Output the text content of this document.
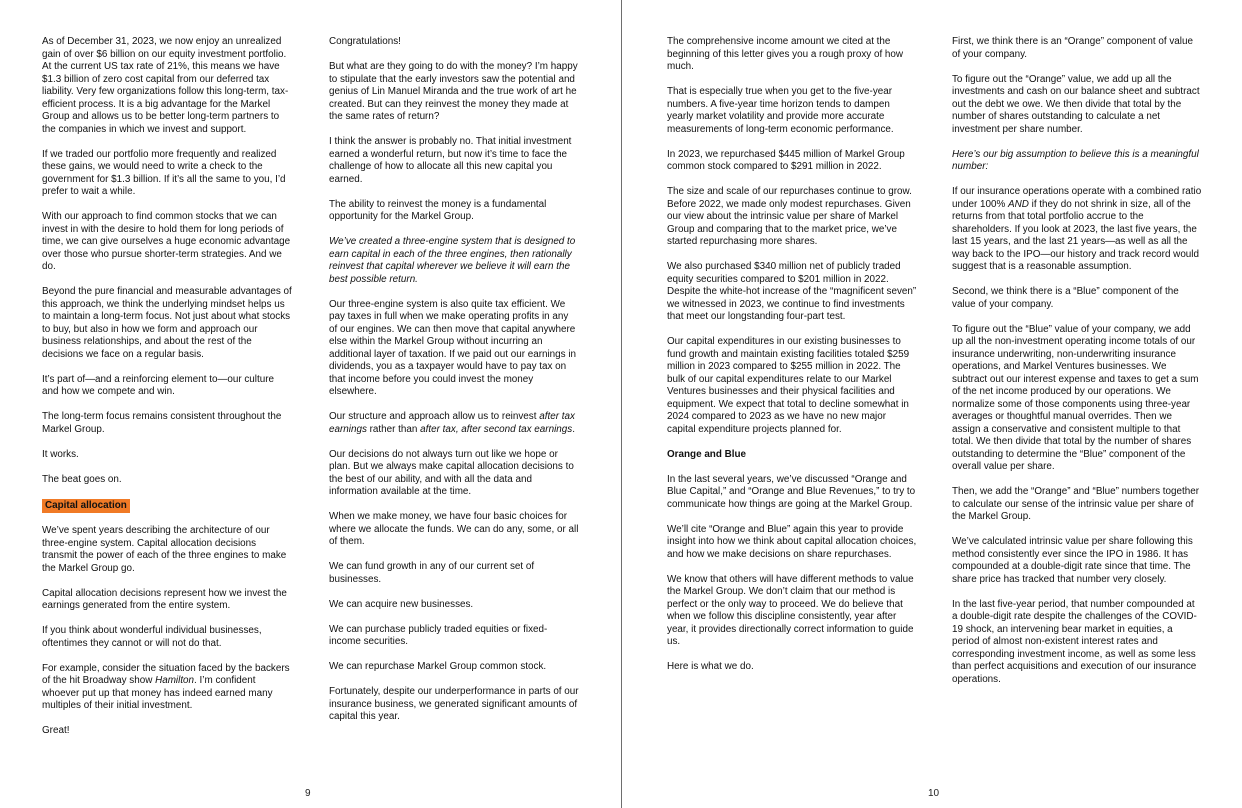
As of December 31, 2023, we now enjoy an unrealized gain of over $6 billion on our equity investment portfolio. At the current US tax rate of 21%, this means we have $1.3 billion of zero cost capital from our deferred tax liability. Very few organizations follow this long-term, tax-efficient process. It is a big advantage for the Markel Group and allows us to be better long-term partners to the companies in which we invest and support.

If we traded our portfolio more frequently and realized these gains, we would need to write a check to the government for $1.3 billion. If it’s all the same to you, I’d prefer to wait a while.

With our approach to find common stocks that we can invest in with the desire to hold them for long periods of time, we can give ourselves a huge economic advantage over those who pursue shorter-term strategies. And we do.

Beyond the pure financial and measurable advantages of this approach, we think the underlying mindset helps us to maintain a long-term focus. Not just about what stocks to buy, but also in how we form and approach our business relationships, and about the rest of the decisions we face on a regular basis.

It’s part of—and a reinforcing element to—our culture and how we compete and win.

The long-term focus remains consistent throughout the Markel Group.

It works.

The beat goes on.

Capital allocation

We’ve spent years describing the architecture of our three-engine system. Capital allocation decisions transmit the power of each of the three engines to make the Markel Group go.

Capital allocation decisions represent how we invest the earnings generated from the entire system.

If you think about wonderful individual businesses, oftentimes they cannot or will not do that.

For example, consider the situation faced by the backers of the hit Broadway show Hamilton. I’m confident whoever put up that money has indeed earned many multiples of their initial investment.

Great!

Congratulations!

But what are they going to do with the money? I’m happy to stipulate that the early investors saw the potential and genius of Lin Manuel Miranda and the true work of art he created. But can they reinvest the money they made at the same rates of return?

I think the answer is probably no. That initial investment earned a wonderful return, but now it’s time to face the challenge of how to allocate all this new capital you earned.

The ability to reinvest the money is a fundamental opportunity for the Markel Group.

We’ve created a three-engine system that is designed to earn capital in each of the three engines, then rationally reinvest that capital wherever we believe it will earn the best possible return.

Our three-engine system is also quite tax efficient. We pay taxes in full when we make operating profits in any of our engines. We can then move that capital anywhere else within the Markel Group without incurring an additional layer of taxation. If we paid out our earnings in dividends, you as a taxpayer would have to pay tax on that income before you could invest the money elsewhere.

Our structure and approach allow us to reinvest after tax earnings rather than after tax, after second tax earnings.

Our decisions do not always turn out like we hope or plan. But we always make capital allocation decisions to the best of our ability, and with all the data and information available at the time.

When we make money, we have four basic choices for where we allocate the funds. We can do any, some, or all of them.

We can fund growth in any of our current set of businesses.

We can acquire new businesses.

We can purchase publicly traded equities or fixed-income securities.

We can repurchase Markel Group common stock.

Fortunately, despite our underperformance in parts of our insurance business, we generated significant amounts of capital this year.

9

The comprehensive income amount we cited at the beginning of this letter gives you a rough proxy of how much.

That is especially true when you get to the five-year numbers. A five-year time horizon tends to dampen yearly market volatility and provide more accurate measurements of long-term economic performance.

In 2023, we repurchased $445 million of Markel Group common stock compared to $291 million in 2022.

The size and scale of our repurchases continue to grow. Before 2022, we made only modest repurchases. Given our view about the intrinsic value per share of Markel Group and comparing that to the market price, we’ve started repurchasing more shares.

We also purchased $340 million net of publicly traded equity securities compared to $201 million in 2022. Despite the white-hot increase of the “magnificent seven” we witnessed in 2023, we continue to find investments that meet our longstanding four-part test.

Our capital expenditures in our existing businesses to fund growth and maintain existing facilities totaled $259 million in 2023 compared to $255 million in 2022. The bulk of our capital expenditures relate to our Markel Ventures businesses and their physical facilities and equipment. We expect that total to decline somewhat in 2024 compared to 2023 as we have no new major capital expenditure projects planned for.

Orange and Blue

In the last several years, we’ve discussed “Orange and Blue Capital,” and “Orange and Blue Revenues,” to try to communicate how things are going at the Markel Group.

We’ll cite “Orange and Blue” again this year to provide insight into how we think about capital allocation choices, and how we make decisions on share repurchases.

We know that others will have different methods to value the Markel Group. We don’t claim that our method is perfect or the only way to proceed. We do believe that when we follow this discipline consistently, year after year, it provides directionally correct information to guide us.

Here is what we do.

First, we think there is an “Orange” component of value of your company.

To figure out the “Orange” value, we add up all the investments and cash on our balance sheet and subtract out the debt we owe. We then divide that total by the number of shares outstanding to calculate a net investment per share number.

Here’s our big assumption to believe this is a meaningful number:

If our insurance operations operate with a combined ratio under 100% AND if they do not shrink in size, all of the returns from that total portfolio accrue to the shareholders. If you look at 2023, the last five years, the last 15 years, and the last 21 years—as well as all the way back to the IPO—our history and track record would suggest that is a reasonable assumption.

Second, we think there is a “Blue” component of the value of your company.

To figure out the “Blue” value of your company, we add up all the non-investment operating income totals of our insurance underwriting, non-underwriting insurance operations, and Markel Ventures businesses. We subtract out our interest expense and taxes to get a sum of the net income produced by our operations. We normalize some of those components using three-year averages or thoughtful manual overrides. Then we assign a conservative and consistent multiple to that total. We then divide that total by the number of shares outstanding to determine the “Blue” component of the overall value per share.

Then, we add the “Orange” and “Blue” numbers together to calculate our sense of the intrinsic value per share of the Markel Group.

We’ve calculated intrinsic value per share following this method consistently ever since the IPO in 1986. It has compounded at a double-digit rate since that time. The share price has tracked that number very closely.

In the last five-year period, that number compounded at a double-digit rate despite the challenges of the COVID-19 shock, an intervening bear market in equities, a period of almost non-existent interest rates and corresponding investment income, as well as some less than perfect acquisitions and execution of our insurance operations.

10
